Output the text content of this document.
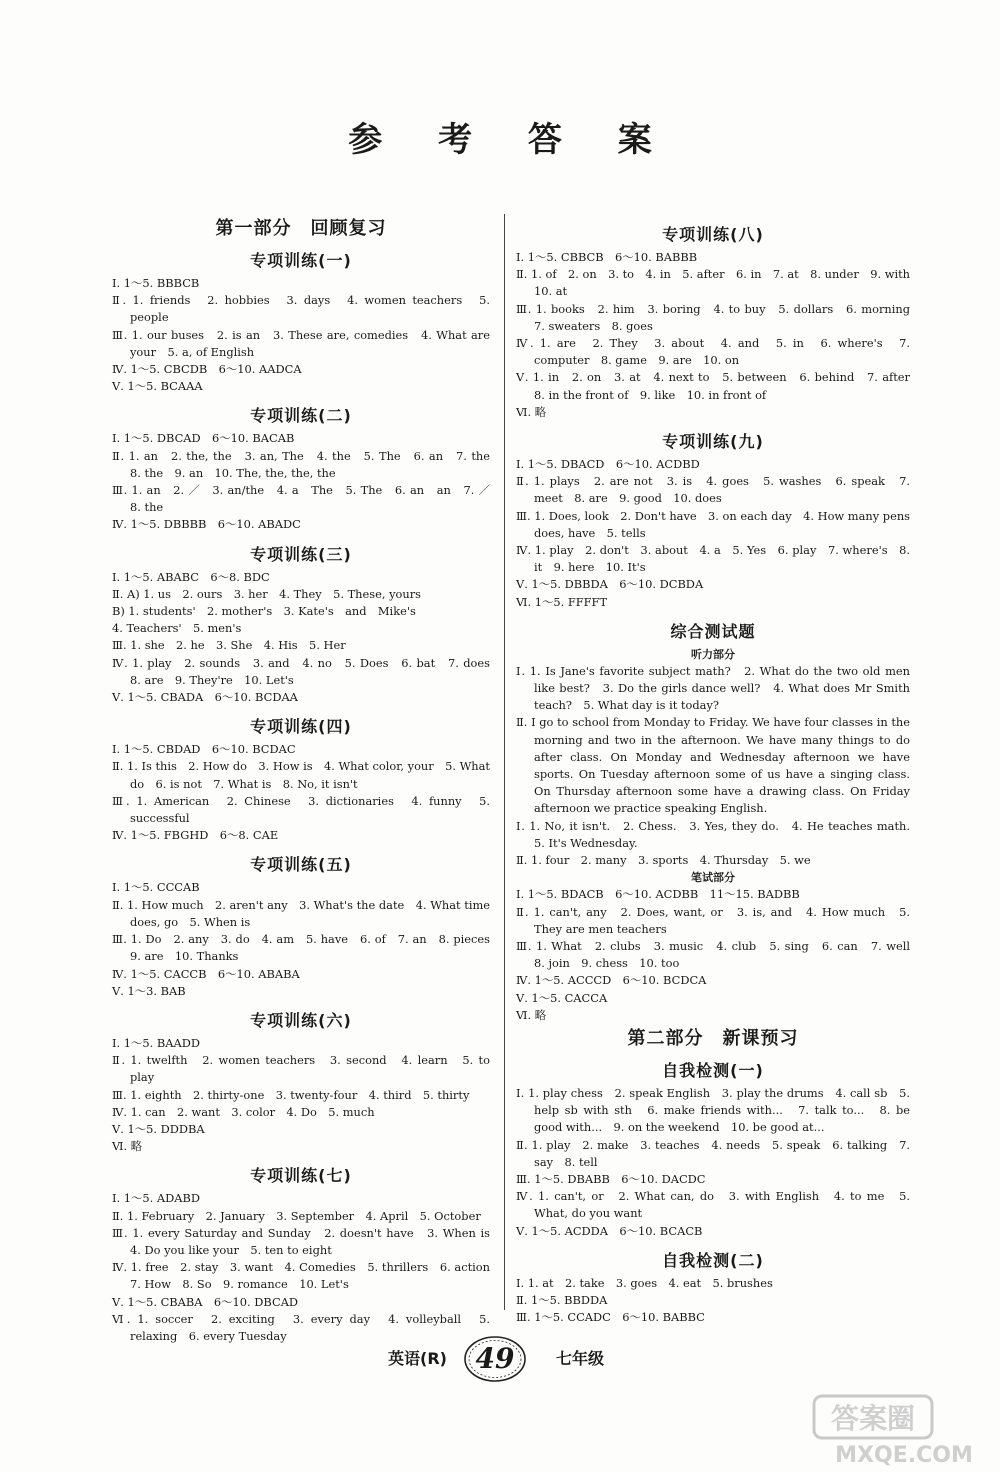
参 考 答 案
第一部分　回顾复习
专项训练(一)
Ⅰ. 1～5. BBBCB
Ⅱ. 1. friends　2. hobbies　3. days　4. women teachers　5. people
Ⅲ. 1. our buses　2. is an　3. These are, comedies　4. What are your　5. a, of English
Ⅳ. 1～5. CBCDB　6～10. AADCA
Ⅴ. 1～5. BCAAA
专项训练(二)
Ⅰ. 1～5. DBCAD　6～10. BACAB
Ⅱ. 1. an　2. the, the　3. an, The　4. the　5. The　6. an　7. the　8. the　9. an　10. The, the, the, the
Ⅲ. 1. an　2. ／　3. an/the　4. a　The　5. The　6. an　an　7. ／　8. the
Ⅳ. 1～5. DBBBB　6～10. ABADC
专项训练(三)
Ⅰ. 1～5. ABABC　6～8. BDC
Ⅱ. A) 1. us　2. ours　3. her　4. They　5. These, yours
B) 1. students'　2. mother's　3. Kate's　and　Mike's
4. Teachers'　5. men's
Ⅲ. 1. she　2. he　3. She　4. His　5. Her
Ⅳ. 1. play　2. sounds　3. and　4. no　5. Does　6. bat　7. does　8. are　9. They're　10. Let's
Ⅴ. 1～5. CBADA　6～10. BCDAA
专项训练(四)
Ⅰ. 1～5. CBDAD　6～10. BCDAC
Ⅱ. 1. Is this　2. How do　3. How is　4. What color, your　5. What do　6. is not　7. What is　8. No, it isn't
Ⅲ. 1. American　2. Chinese　3. dictionaries　4. funny　5. successful
Ⅳ. 1～5. FBGHD　6～8. CAE
专项训练(五)
Ⅰ. 1～5. CCCAB
Ⅱ. 1. How much　2. aren't any　3. What's the date　4. What time does, go　5. When is
Ⅲ. 1. Do　2. any　3. do　4. am　5. have　6. of　7. an　8. pieces　9. are　10. Thanks
Ⅳ. 1～5. CACCB　6～10. ABABA
Ⅴ. 1～3. BAB
专项训练(六)
Ⅰ. 1～5. BAADD
Ⅱ. 1. twelfth　2. women teachers　3. second　4. learn　5. to play
Ⅲ. 1. eighth　2. thirty-one　3. twenty-four　4. third　5. thirty
Ⅳ. 1. can　2. want　3. color　4. Do　5. much
Ⅴ. 1～5. DDDBA
Ⅵ. 略
专项训练(七)
Ⅰ. 1～5. ADABD
Ⅱ. 1. February　2. January　3. September　4. April　5. October
Ⅲ. 1. every Saturday and Sunday　2. doesn't have　3. When is　4. Do you like your　5. ten to eight
Ⅳ. 1. free　2. stay　3. want　4. Comedies　5. thrillers　6. action　7. How　8. So　9. romance　10. Let's
Ⅴ. 1～5. CBABA　6～10. DBCAD
Ⅵ. 1. soccer　2. exciting　3. every day　4. volleyball　5. relaxing　6. every Tuesday
专项训练(八)
Ⅰ. 1～5. CBBCB　6～10. BABBB
Ⅱ. 1. of　2. on　3. to　4. in　5. after　6. in　7. at　8. under　9. with　10. at
Ⅲ. 1. books　2. him　3. boring　4. to buy　5. dollars　6. morning　7. sweaters　8. goes
Ⅳ. 1. are　2. They　3. about　4. and　5. in　6. where's　7. computer　8. game　9. are　10. on
Ⅴ. 1. in　2. on　3. at　4. next to　5. between　6. behind　7. after　8. in the front of　9. like　10. in front of
Ⅵ. 略
专项训练(九)
Ⅰ. 1～5. DBACD　6～10. ACDBD
Ⅱ. 1. plays　2. are not　3. is　4. goes　5. washes　6. speak　7. meet　8. are　9. good　10. does
Ⅲ. 1. Does, look　2. Don't have　3. on each day　4. How many pens does, have　5. tells
Ⅳ. 1. play　2. don't　3. about　4. a　5. Yes　6. play　7. where's　8. it　9. here　10. It's
Ⅴ. 1～5. DBBDA　6～10. DCBDA
Ⅵ. 1～5. FFFFT
综合测试题
听力部分
Ⅰ. 1. Is Jane's favorite subject math?　2. What do the two old men like best?　3. Do the girls dance well?　4. What does Mr Smith teach?　5. What day is it today?
Ⅱ. I go to school from Monday to Friday. We have four classes in the morning and two in the afternoon. We have many things to do after class. On Monday and Wednesday afternoon we have sports. On Tuesday afternoon some of us have a singing class. On Thursday afternoon some have a drawing class. On Friday afternoon we practice speaking English.
Ⅰ. 1. No, it isn't.　2. Chess.　3. Yes, they do.　4. He teaches math.　5. It's Wednesday.
Ⅱ. 1. four　2. many　3. sports　4. Thursday　5. we
笔试部分
Ⅰ. 1～5. BDACB　6～10. ACDBB　11～15. BADBB
Ⅱ. 1. can't, any　2. Does, want, or　3. is, and　4. How much　5. They are men teachers
Ⅲ. 1. What　2. clubs　3. music　4. club　5. sing　6. can　7. well　8. join　9. chess　10. too
Ⅳ. 1～5. ACCCD　6～10. BCDCA
Ⅴ. 1～5. CACCA
Ⅵ. 略
第二部分　新课预习
自我检测(一)
Ⅰ. 1. play chess　2. speak English　3. play the drums　4. call sb　5. help sb with sth　6. make friends with...　7. talk to...　8. be good with...　9. on the weekend　10. be good at...
Ⅱ. 1. play　2. make　3. teaches　4. needs　5. speak　6. talking　7. say　8. tell
Ⅲ. 1～5. DBABB　6～10. DACDC
Ⅳ. 1. can't, or　2. What can, do　3. with English　4. to me　5. What, do you want
Ⅴ. 1～5. ACDDA　6～10. BCACB
自我检测(二)
Ⅰ. 1. at　2. take　3. goes　4. eat　5. brushes
Ⅱ. 1～5. BBDDA
Ⅲ. 1～5. CCADC　6～10. BABBC
英语(R)	49	七年级
答案圈
MXQE.COM
